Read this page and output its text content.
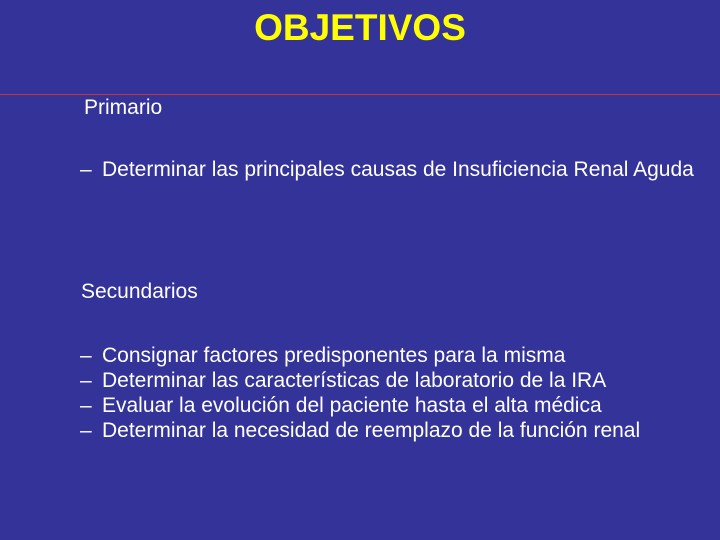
OBJETIVOS

Primario

– Determinar las principales causas de Insuficiencia Renal Aguda

Secundarios

– Consignar factores predisponentes para la misma
– Determinar las características de laboratorio de la IRA
– Evaluar la evolución del paciente hasta el alta médica
– Determinar la necesidad de reemplazo de la función renal
